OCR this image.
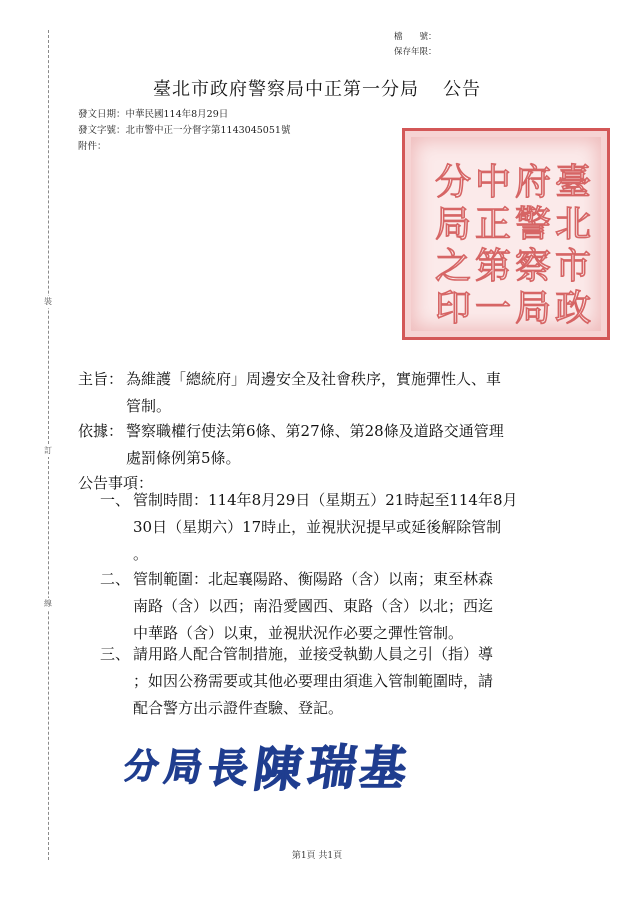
裝
訂
線
檔　　號：
保存年限：
臺北市政府警察局中正第一分局 公告
發文日期：中華民國114年8月29日
發文字號：北市警中正一分督字第1143045051號
附件：
臺
北
市
政
府
警
察
局
中
正
第
一
分
局
之
印
主旨： 為維護「總統府」周邊安全及社會秩序，實施彈性人、車
管制。
依據： 警察職權行使法第6條、第27條、第28條及道路交通管理
處罰條例第5條。
公告事項：
一、 管制時間：114年8月29日（星期五）21時起至114年8月
30日（星期六）17時止，並視狀況提早或延後解除管制
。
二、 管制範圍：北起襄陽路、衡陽路（含）以南；東至林森
南路（含）以西；南沿愛國西、東路（含）以北；西迄
中華路（含）以東，並視狀況作必要之彈性管制。
三、 請用路人配合管制措施，並接受執勤人員之引（指）導
；如因公務需要或其他必要理由須進入管制範圍時，請
配合警方出示證件查驗、登記。
分 局 長
陳
瑞
基
第1頁 共1頁
